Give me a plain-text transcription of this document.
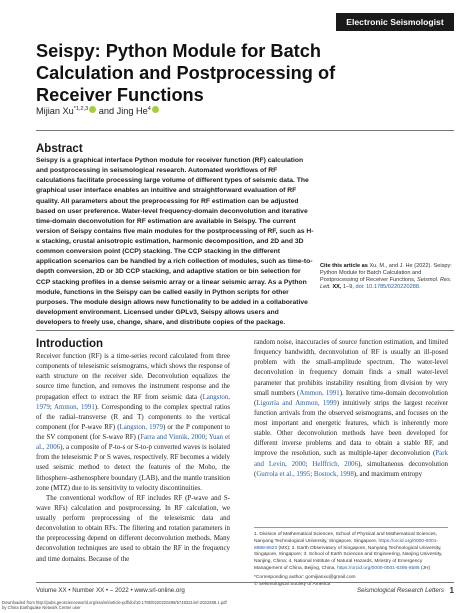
Electronic Seismologist
Seispy: Python Module for Batch Calculation and Postprocessing of Receiver Functions
Mijian Xu$^{*1,2,3}$ and Jing He$^4$
Abstract

Seispy is a graphical interface Python module for receiver function (RF) calculation and postprocessing in seismological research. Automated workflows of RF calculations facilitate processing large volume of different types of seismic data. The graphical user interface enables an intuitive and straightforward evaluation of RF quality. All parameters about the preprocessing for RF estimation can be adjusted based on user preference. Water-level frequency-domain deconvolution and iterative time-domain deconvolution for RF estimation are available in Seispy. The current version of Seispy contains five main modules for the postprocessing of RF, such as H-κ stacking, crustal anisotropic estimation, harmonic decomposition, and 2D and 3D common conversion point (CCP) stacking. The CCP stacking in the different application scenarios can be handled by a rich collection of modules, such as time-to-depth conversion, 2D or 3D CCP stacking, and adaptive station or bin selection for CCP stacking profiles in a dense seismic array or a linear seismic array. As a Python module, functions in the Seispy can be called easily in Python scripts for other purposes. The module design allows new functionality to be added in a collaborative development environment. Licensed under GPLv3, Seispy allows users and developers to freely use, change, share, and distribute copies of the package.

Cite this article as Xu, M., and J. He (2022). Seispy: Python Module for Batch Calculation and Postprocessing of Receiver Functions, Seismol. Res. Lett. XX, 1–9, doi: 10.1785/0220220288.
Introduction

Receiver function (RF) is a time-series record calculated from three components of teleseismic seismograms, which shows the response of earth structure on the receiver side. Deconvolution equalizes the source time function, and removes the instrument response and the propagation effect to extract the RF from seismic data (Langston, 1979; Ammon, 1991). Corresponding to the complex spectral ratios of the radial–transverse (R and T) components to the vertical component (for P-wave RF) (Langston, 1979) or the P component to the SV component (for S-wave RF) (Farra and Vinnik, 2000; Yuan et al., 2006), a composite of P-to-s or S-to-p converted waves is isolated from the teleseismic P or S waves, respectively. RF becomes a widely used seismic method to detect the features of the Moho, the lithosphere–asthenosphere boundary (LAB), and the mantle transition zone (MTZ) due to its sensitivity to velocity discontinuities.

The conventional workflow of RF includes RF (P-wave and S-wave RFs) calculation and postprocessing. In RF calculation, we usually perform preprocessing of the teleseismic data and deconvolution to obtain RFs. The filtering and rotation parameters in the preprocessing depend on different deconvolution methods. Many deconvolution techniques are used to obtain the RF in the frequency and time domains. Because of the

random noise, inaccuracies of source function estimation, and limited frequency bandwidth, deconvolution of RF is usually an ill-posed problem with the small-amplitude spectrum. The water-level deconvolution in frequency domain finds a small water-level parameter that prohibits instability resulting from division by very small numbers (Ammon, 1991). Iterative time-domain deconvolution (Ligorría and Ammon, 1999) intuitively strips the largest receiver function arrivals from the observed seismograms, and focuses on the most important and energetic features, which is inherently more stable. Other deconvolution methods have been developed for different inverse problems and data to obtain a stable RF, and improve the resolution, such as multiple-taper deconvolution (Park and Levin, 2000; Helffrich, 2006), simultaneous deconvolution (Gurrola et al., 1995; Bostock, 1998), and maximum entropy

1. Division of Mathematical Sciences, School of Physical and Mathematical Sciences, Nanyang Technological University, Singapore, Singapore, https://orcid.org/0000-0001-8888-8523 (MX); 2. Earth Observatory of Singapore, Nanyang Technological University, Singapore, Singapore; 3. School of Earth Sciences and Engineering, Nanjing University, Nanjing, China; 4. National Institute of Natural Hazards, Ministry of Emergency Management of China, Beijing, China, https://orcid.org/0000-0001-6395-6585 (JH)

*Corresponding author: gomijianxu@gmail.com

© Seismological Society of America

Volume XX • Number XX • – 2022 • www.srl-online.org	Seismological Research Letters 1
Downloaded from http://pubs.geoscienceworld.org/ssa/srl/article-pdf/doi/10.1785/0220220288/5748321/srl-2022288.1.pdf
by China Earthquake Network Center user
